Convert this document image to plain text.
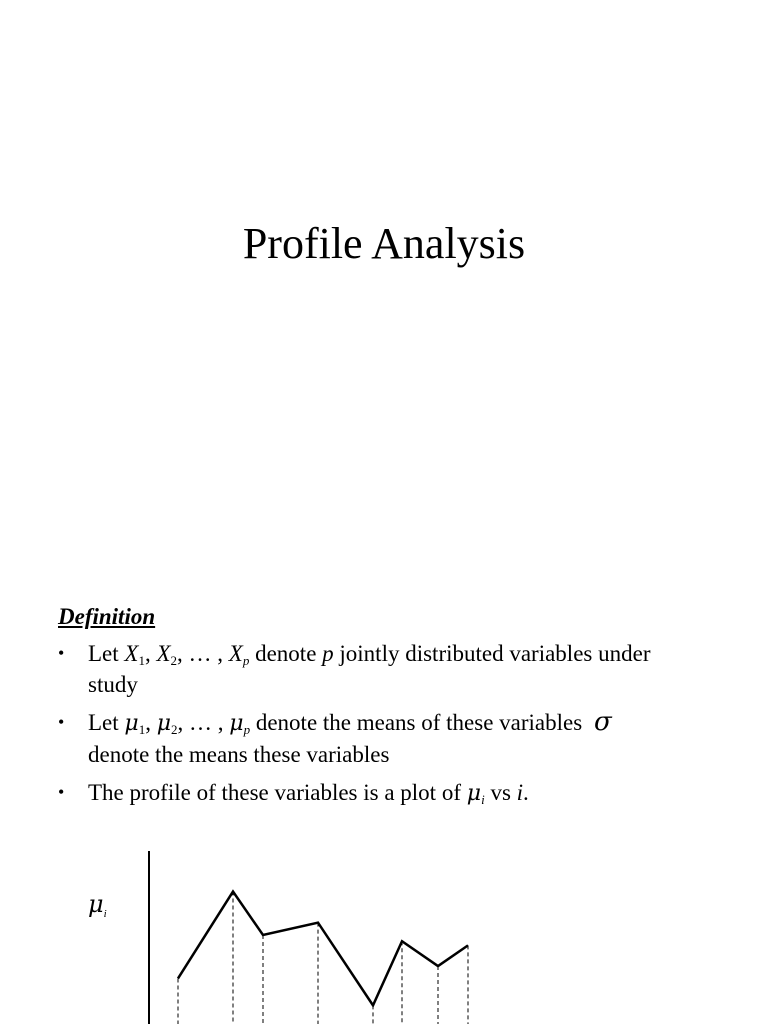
Profile Analysis
Definition
• Let $X_1$, $X_2$, … , $X_p$ denote p jointly distributed variables under study
• Let $\mu_1$, $\mu_2$, … , $\mu_p$ denote the means of these variables σ
denote the means these variables
• The profile of these variables is a plot of $\mu_i$ vs i.
$\mu_i$
